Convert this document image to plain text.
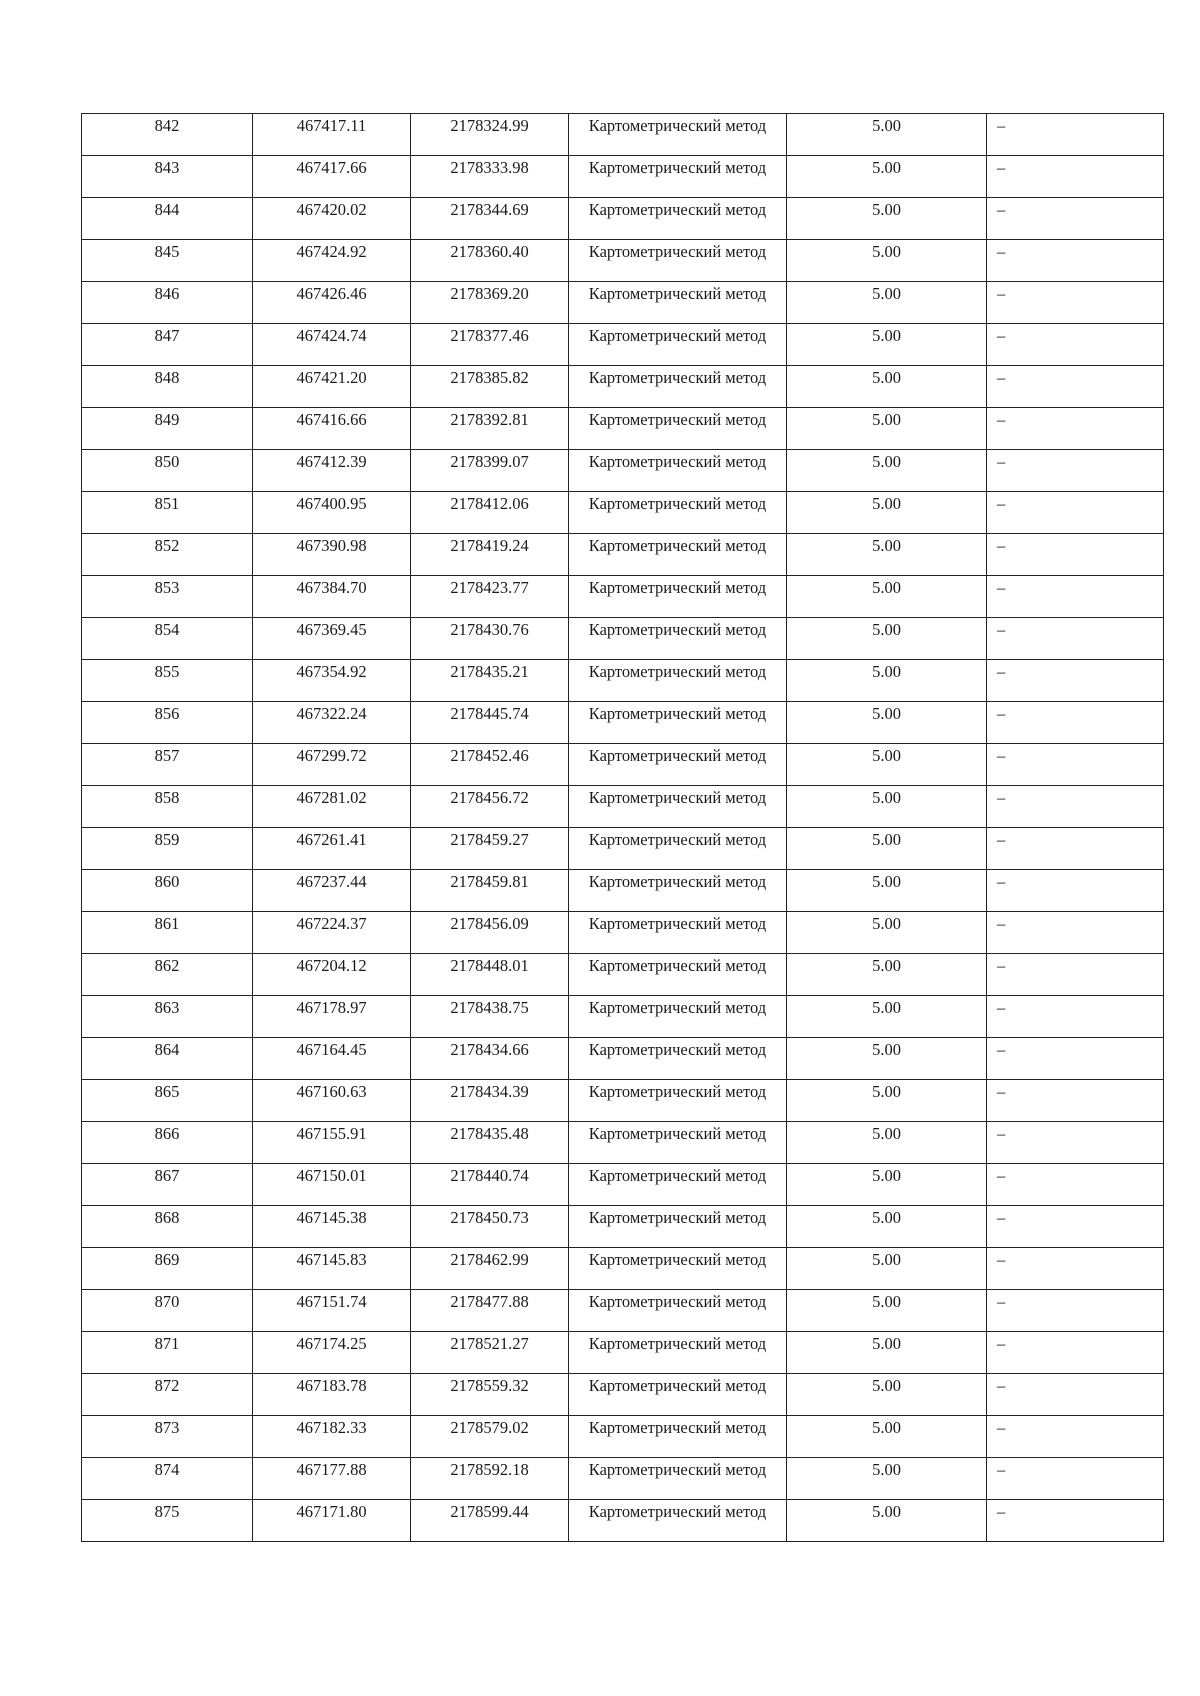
842	467417.11	2178324.99	Картометрический метод	5.00	–

843	467417.66	2178333.98	Картометрический метод	5.00	–

844	467420.02	2178344.69	Картометрический метод	5.00	–

845	467424.92	2178360.40	Картометрический метод	5.00	–

846	467426.46	2178369.20	Картометрический метод	5.00	–

847	467424.74	2178377.46	Картометрический метод	5.00	–

848	467421.20	2178385.82	Картометрический метод	5.00	–

849	467416.66	2178392.81	Картометрический метод	5.00	–

850	467412.39	2178399.07	Картометрический метод	5.00	–

851	467400.95	2178412.06	Картометрический метод	5.00	–

852	467390.98	2178419.24	Картометрический метод	5.00	–

853	467384.70	2178423.77	Картометрический метод	5.00	–

854	467369.45	2178430.76	Картометрический метод	5.00	–

855	467354.92	2178435.21	Картометрический метод	5.00	–

856	467322.24	2178445.74	Картометрический метод	5.00	–

857	467299.72	2178452.46	Картометрический метод	5.00	–

858	467281.02	2178456.72	Картометрический метод	5.00	–

859	467261.41	2178459.27	Картометрический метод	5.00	–

860	467237.44	2178459.81	Картометрический метод	5.00	–

861	467224.37	2178456.09	Картометрический метод	5.00	–

862	467204.12	2178448.01	Картометрический метод	5.00	–

863	467178.97	2178438.75	Картометрический метод	5.00	–

864	467164.45	2178434.66	Картометрический метод	5.00	–

865	467160.63	2178434.39	Картометрический метод	5.00	–

866	467155.91	2178435.48	Картометрический метод	5.00	–

867	467150.01	2178440.74	Картометрический метод	5.00	–

868	467145.38	2178450.73	Картометрический метод	5.00	–

869	467145.83	2178462.99	Картометрический метод	5.00	–

870	467151.74	2178477.88	Картометрический метод	5.00	–

871	467174.25	2178521.27	Картометрический метод	5.00	–

872	467183.78	2178559.32	Картометрический метод	5.00	–

873	467182.33	2178579.02	Картометрический метод	5.00	–

874	467177.88	2178592.18	Картометрический метод	5.00	–

875	467171.80	2178599.44	Картометрический метод	5.00	–
